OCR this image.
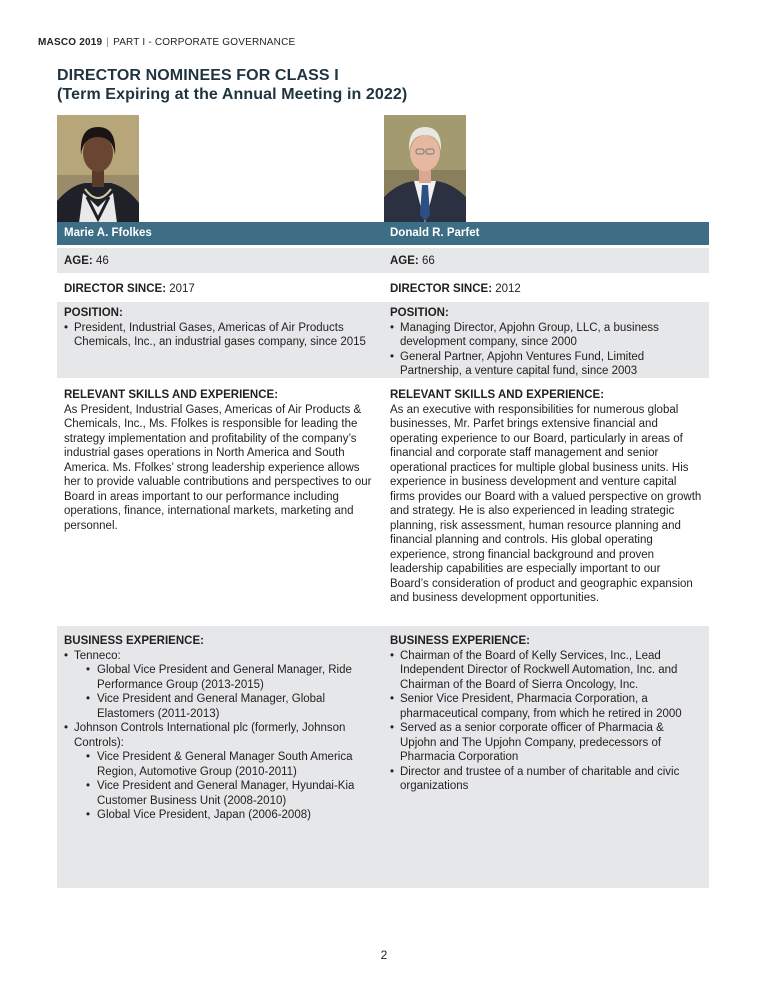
MASCO 2019 | PART I - CORPORATE GOVERNANCE
DIRECTOR NOMINEES FOR CLASS I
(Term Expiring at the Annual Meeting in 2022)
Marie A. Ffolkes
AGE: 46
DIRECTOR SINCE: 2017
POSITION:
• President, Industrial Gases, Americas of Air Products Chemicals, Inc., an industrial gases company, since 2015
RELEVANT SKILLS AND EXPERIENCE:
As President, Industrial Gases, Americas of Air Products & Chemicals, Inc., Ms. Ffolkes is responsible for leading the strategy implementation and profitability of the company’s industrial gases operations in North America and South America. Ms. Ffolkes’ strong leadership experience allows her to provide valuable contributions and perspectives to our Board in areas important to our performance including operations, finance, international markets, marketing and personnel.
BUSINESS EXPERIENCE:
• Tenneco:
• Global Vice President and General Manager, Ride Performance Group (2013-2015)
• Vice President and General Manager, Global Elastomers (2011-2013)
• Johnson Controls International plc (formerly, Johnson Controls):
• Vice President & General Manager South America Region, Automotive Group (2010-2011)
• Vice President and General Manager, Hyundai-Kia Customer Business Unit (2008-2010)
• Global Vice President, Japan (2006-2008)
Donald R. Parfet
AGE: 66
DIRECTOR SINCE: 2012
POSITION:
• Managing Director, Apjohn Group, LLC, a business development company, since 2000
• General Partner, Apjohn Ventures Fund, Limited Partnership, a venture capital fund, since 2003
RELEVANT SKILLS AND EXPERIENCE:
As an executive with responsibilities for numerous global businesses, Mr. Parfet brings extensive financial and operating experience to our Board, particularly in areas of financial and corporate staff management and senior operational practices for multiple global business units. His experience in business development and venture capital firms provides our Board with a valued perspective on growth and strategy. He is also experienced in leading strategic planning, risk assessment, human resource planning and financial planning and controls. His global operating experience, strong financial background and proven leadership capabilities are especially important to our Board’s consideration of product and geographic expansion and business development opportunities.
BUSINESS EXPERIENCE:
• Chairman of the Board of Kelly Services, Inc., Lead Independent Director of Rockwell Automation, Inc. and Chairman of the Board of Sierra Oncology, Inc.
• Senior Vice President, Pharmacia Corporation, a pharmaceutical company, from which he retired in 2000
• Served as a senior corporate officer of Pharmacia & Upjohn and The Upjohn Company, predecessors of Pharmacia Corporation
• Director and trustee of a number of charitable and civic organizations
2
